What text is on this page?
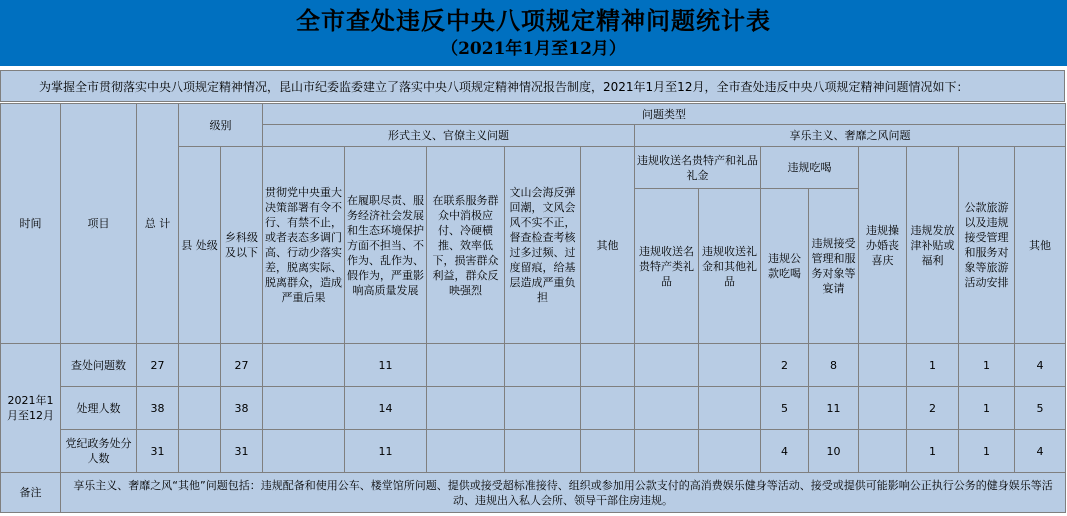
全市查处违反中央八项规定精神问题统计表
（2021年1月至12月）
为掌握全市贯彻落实中央八项规定精神情况，昆山市纪委监委建立了落实中央八项规定精神情况报告制度，2021年1月至12月，全市查处违反中央八项规定精神问题情况如下：
时间	项目	总 计	级别		问题类型												
					形式主义、官僚主义问题					享乐主义、奢靡之风问题							
			县 处级	乡科级及以下	贯彻党中央重大决策部署有令不行、有禁不止，或者表态多调门高、行动少落实差，脱离实际、脱离群众，造成严重后果	在履职尽责、服务经济社会发展和生态环境保护方面不担当、不作为、乱作为、假作为，严重影响高质量发展	在联系服务群众中消极应付、冷硬横推、效率低下，损害群众利益，群众反映强烈	文山会海反弹回潮，文风会风不实不正，督查检查考核过多过频、过度留痕，给基层造成严重负担	其他	违规收送名贵特产和礼品礼金		违规吃喝		违规操办婚丧喜庆	违规发放津补贴或福利	公款旅游以及违规接受管理和服务对象等旅游活动安排	其他
										违规收送名贵特产类礼品	违规收送礼金和其他礼品	违规公款吃喝	违规接受管理和服务对象等宴请				
2021年1月至12月	查处问题数	27		27		11						2	8		1	1	4
	处理人数	38		38		14						5	11		2	1	5
	党纪政务处分人数	31		31		11						4	10		1	1	4
备注	享乐主义、奢靡之风“其他”问题包括：违规配备和使用公车、楼堂馆所问题、提供或接受超标准接待、组织或参加用公款支付的高消费娱乐健身等活动、接受或提供可能影响公正执行公务的健身娱乐等活动、违规出入私人会所、领导干部住房违规。																
